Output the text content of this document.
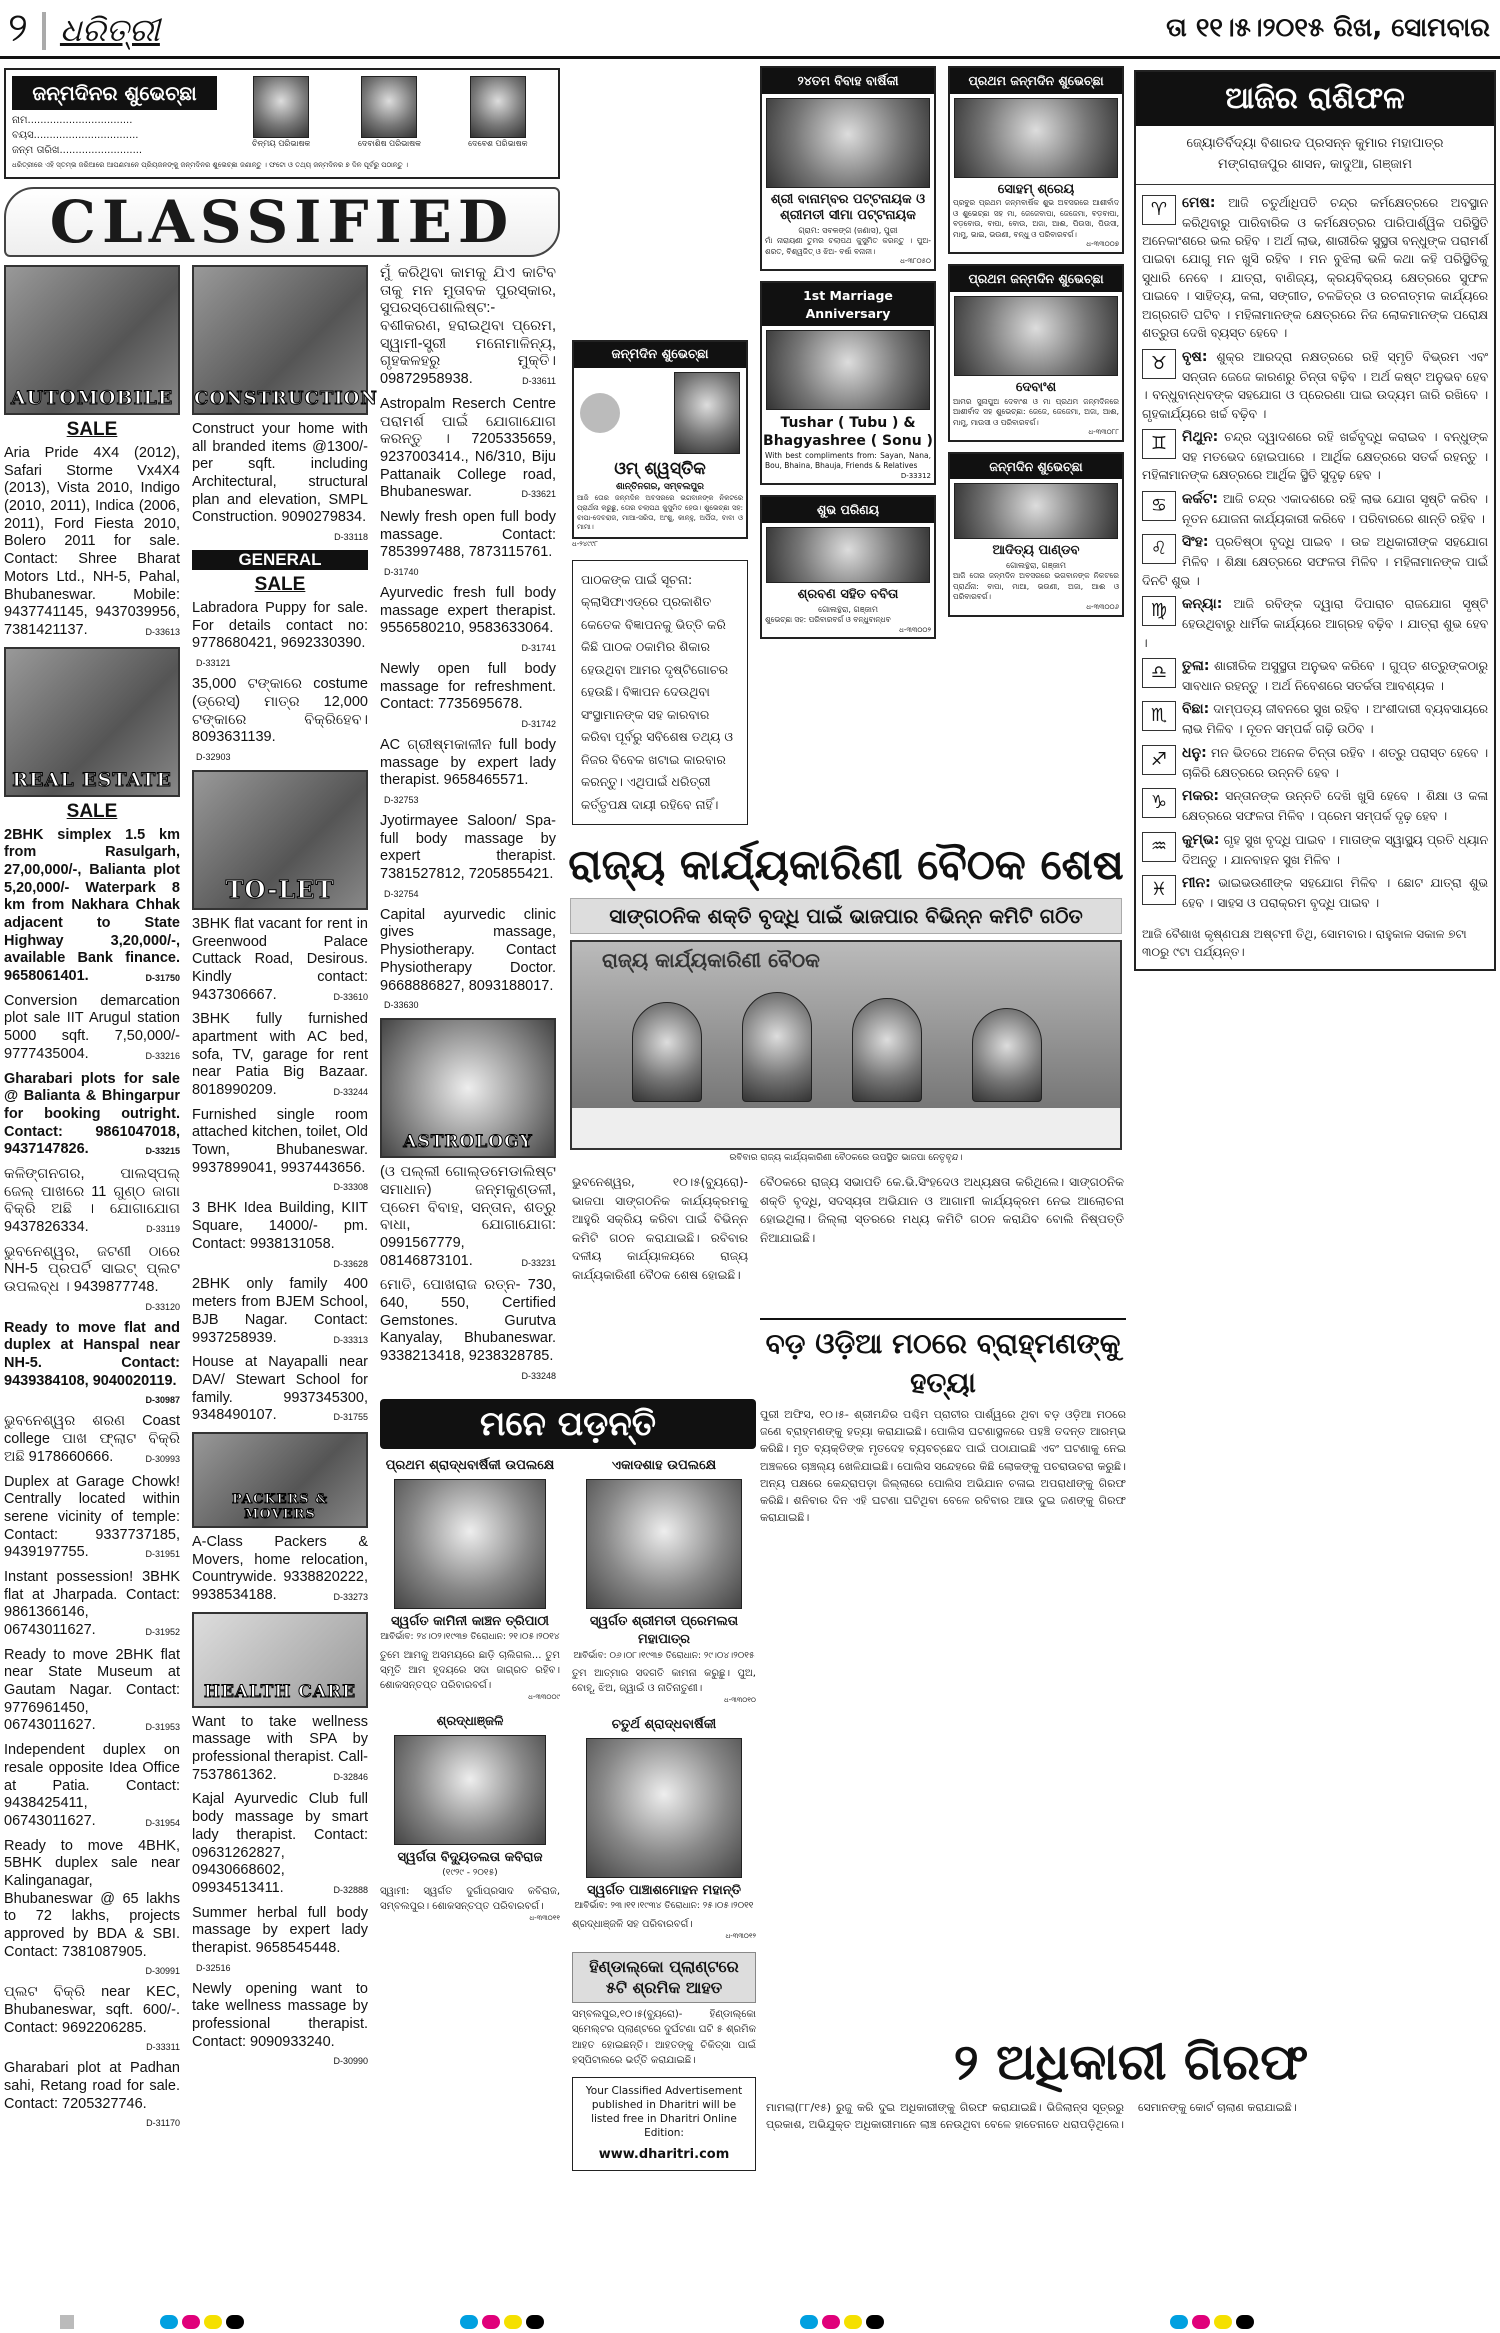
୨ ଧରିତ୍ରୀ	ତା ୧୧।୫।୨୦୧୫ ରିଖ, ସୋମବାର
ଜନ୍ମଦିନର ଶୁଭେଚ୍ଛା
ନାମ.................................
ବୟସ.................................
ଜନ୍ମ ତାରିଖ..........................
ଚିନ୍ମୟ ପରିଭାଷକ	ଦେବାଶିଷ ପରିଭାଷକ	ଦେବେଶ ପରିଭାଷକ
ଧରିତ୍ରୀରେ ଏହି ସ୍ତମ୍ଭ ଜରିଆରେ ଆପଣମାନେ ପ୍ରିୟଜନଙ୍କୁ ଜନ୍ମଦିନର ଶୁଭେଚ୍ଛା ଜଣାନ୍ତୁ । ଫଟୋ ଓ ତଥ୍ୟ ଜନ୍ମଦିନର ୭ ଦିନ ପୂର୍ବରୁ ପଠାନ୍ତୁ ।
CLASSIFIED
AUTOMOBILE
SALE
Aria Pride 4X4 (2012), Safari Storme Vx4X4 (2013), Vista 2010, Indigo (2010, 2011), Indica (2006, 2011), Ford Fiesta 2010, Bolero 2011 for sale. Contact: Shree Bharat Motors Ltd., NH-5, Pahal, Bhubaneswar. Mobile: 9437741145, 9437039956, 7381421137.	D-33613
REAL ESTATE
SALE
2BHK simplex 1.5 km from Rasulgarh, 27,00,000/-, Balianta plot 5,20,000/- Waterpark 8 km from Nakhara Chhak adjacent to State Highway 3,20,000/-, available Bank finance. 9658061401.	D-31750
Conversion demarcation plot sale IIT Arugul station 5000 sqft. 7,50,000/- 9777435004.	D-33216
Gharabari plots for sale @ Balianta & Bhingarpur for booking outright. Contact: 9861047018, 9437147826.	D-33215
କଳିଙ୍ଗନଗର, ପାଲସ୍ପଲ୍ ଜେଲ୍ ପାଖରେ 11 ଗୁଣ୍ଠ ଜାଗା ବିକ୍ରି ଅଛି । ଯୋଗାଯୋଗ 9437826334.	D-33119
ଭୁବନେଶ୍ୱର, ଜଟଣୀ ଠାରେ NH-5 ପ୍ରପର୍ଟି ସାଇଟ୍ ପ୍ଲଟ ଉପଲବ୍ଧ । 9439877748.
D-33120
Ready to move flat and duplex at Hanspal near NH-5. Contact: 9439384108, 9040020119.
D-30987
ଭୁବନେଶ୍ୱର ଶରଣ Coast college ପାଖ ଫ୍ଲାଟ ବିକ୍ରି ଅଛି 9178660666.	D-30993
Duplex at Garage Chowk! Centrally located within serene vicinity of temple: Contact: 9337737185, 9439197755.	D-31951
Instant possession! 3BHK flat at Jharpada. Contact: 9861366146, 06743011627.	D-31952
Ready to move 2BHK flat near State Museum at Gautam Nagar. Contact: 9776961450, 06743011627.	D-31953
Independent duplex on resale opposite Idea Office at Patia. Contact: 9438425411, 06743011627.	D-31954
Ready to move 4BHK, 5BHK duplex sale near Kalinganagar, Bhubaneswar @ 65 lakhs to 72 lakhs, projects approved by BDA & SBI. Contact: 7381087905.
D-30991
ପ୍ଲଟ ବିକ୍ରି near KEC, Bhubaneswar, sqft. 600/-. Contact: 9692206285.
D-33311
Gharabari plot at Padhan sahi, Retang road for sale. Contact: 7205327746.
D-31170
CONSTRUCTION
Construct your home with all branded items @1300/- per sqft. including Architectural, structural plan and elevation, SMPL Construction. 9090279834.
D-33118
GENERAL
SALE
Labradora Puppy for sale. For details contact no: 9778680421, 9692330390.
D-33121
35,000 ଟଙ୍କାରେ costume (ଡ୍ରେସ୍) ମାତ୍ର 12,000 ଟଙ୍କାରେ ବିକ୍ରିହେବ। 8093631139.
D-32903
TO-LET
3BHK flat vacant for rent in Greenwood Palace Cuttack Road, Desirous. Kindly contact: 9437306667.	D-33610
3BHK fully furnished apartment with AC bed, sofa, TV, garage for rent near Patia Big Bazaar. 8018990209.	D-33244
Furnished single room attached kitchen, toilet, Old Town, Bhubaneswar. 9937899041, 9937443656.
D-33308
3 BHK Idea Building, KIIT Square, 14000/- pm. Contact: 9938131058.
D-33628
2BHK only family 400 meters from BJEM School, BJB Nagar. Contact: 9937258939.	D-33313
House at Nayapalli near DAV/ Stewart School for family. 9937345300, 9348490107.	D-31755
PACKERS & MOVERS
A-Class Packers & Movers, home relocation, Countrywide. 9338820222, 9938534188.	D-33273
HEALTH CARE
Want to take wellness massage with SPA by professional therapist. Call-7537861362.	D-32846
Kajal Ayurvedic Club full body massage by smart lady therapist. Contact: 09631262827, 09430668602, 09934513411.	D-32888
Summer herbal full body massage by expert lady therapist. 9658545448.
D-32516
Newly opening want to take wellness massage by professional therapist. Contact: 9090933240.
D-30990
ମୁଁ କରିଥିବା କାମକୁ ଯିଏ କାଟିବ ତାକୁ ମନ ମୁତାବକ ପୁରସ୍କାର, ସୁପରସ୍ପେଶାଲିଷ୍ଟ:- ବଶୀକରଣ, ହରାଇଥିବା ପ୍ରେମ, ସ୍ୱାମୀ-ସ୍ତ୍ରୀ ମନୋମାଳିନ୍ୟ, ଗୃହକଳହରୁ ମୁକ୍ତି। 09872958938.	D-33611
Astropalm Reserch Centre ପରାମର୍ଶ ପାଇଁ ଯୋଗାଯୋଗ କରନ୍ତୁ । 7205335659, 9237003414., N6/310, Biju Pattanaik College road, Bhubaneswar.	D-33621
Newly fresh open full body massage. Contact: 7853997488, 7873115761.
D-31740
Ayurvedic fresh full body massage expert therapist. 9556580210, 9583633064.
D-31741
Newly open full body massage for refreshment. Contact: 7735695678.
D-31742
AC ଗ୍ରୀଷ୍ମକାଳୀନ full body massage by expert lady therapist. 9658465571.
D-32753
Jyotirmayee Saloon/ Spa- full body massage by expert therapist. 7381527812, 7205855421.
D-32754
Capital ayurvedic clinic gives massage, Physiotherapy. Contact Physiotherapy Doctor. 9668886827, 8093188017.
D-33630
ASTROLOGY
(ଓ ପଲ୍ଲୀ ଗୋଲ୍ଡମେଡାଲିଷ୍ଟ ସମାଧାନ) ଜନ୍ମକୁଣ୍ଡଳୀ, ପ୍ରେମ ବିବାହ, ସନ୍ତାନ, ଶତ୍ରୁ ବାଧା, ଯୋଗାଯୋଗ: 0991567779, 08146873101.	D-33231
ମୋତି, ପୋଖରାଜ ରତ୍ନ- 730, 640, 550, Certified Gemstones. Gurutva Kanyalay, Bhubaneswar. 9338213418, 9238328785.
D-33248
ଜନ୍ମଦିନ ଶୁଭେଚ୍ଛା
ଓମ୍ ଶ୍ୱସ୍ତିକ
ଶାନ୍ତିନଗର, ସମ୍ବଲପୁର
ଆଜି ତୋର ଜନ୍ମଦିନ ଅବସରରେ ଭଗବାନଙ୍କ ନିକଟରେ ପ୍ରାର୍ଥନା କରୁଛୁ, ତୋର ଚଲାପଥ କୁସୁମିତ ହେଉ। ଶୁଭେଚ୍ଛା ସହ: ବାପା-ଦେବରାଜ, ମାଆ-ସରିତା, ଅଂଶୁ, କାନ୍ହୁ, ଅର୍ପିତା, ବାବା ଓ ମାମା।
ଧ-୨୪୯୯୮
ପାଠକଙ୍କ ପାଇଁ ସୂଚନା: କ୍ଲାସିଫାଏଡ୍‌ରେ ପ୍ରକାଶିତ କେତେକ ବିଜ୍ଞାପନକୁ ଭିତ୍ତି କରି କିଛି ପାଠକ ଠକାମିର ଶିକାର ହେଉଥିବା ଆମର ଦୃଷ୍ଟିଗୋଚର ହେଉଛି। ବିଜ୍ଞାପନ ଦେଉଥିବା ସଂସ୍ଥାମାନଙ୍କ ସହ କାରବାର କରିବା ପୂର୍ବରୁ ସବିଶେଷ ତଥ୍ୟ ଓ ନିଜର ବିବେକ ଖଟାଇ କାରବାର କରନ୍ତୁ। ଏଥିପାଇଁ ଧରିତ୍ରୀ କର୍ତ୍ତୃପକ୍ଷ ଦାୟୀ ରହିବେ ନାହିଁ।
୨୪ତମ ବିବାହ ବାର୍ଷିକୀ
ଶ୍ରୀ ବାନାମ୍ବର ପଟ୍ଟନାୟକ ଓ ଶ୍ରୀମତୀ ସୀମା ପଟ୍ଟନାୟକ
ଗ୍ରାମ: ସବଳଙ୍ଗ (ଜଣାସ), ପୁରୀ
ମାଁ ନାରାୟଣୀ ତୁମର ଚଲାପଥ କୁସୁମିତ କରନ୍ତୁ । ପୁଅ- ଶରତ, ବିଶ୍ୱଜିତ୍ ଓ ଝିଅ- ବର୍ଷା ବନାନୀ।
ଧ-୩୮୦୫୦
1st Marriage Anniversary
Tushar ( Tubu ) & Bhagyashree ( Sonu )
With best compliments from: Sayan, Nana, Bou, Bhaina, Bhauja, Friends & Relatives
D-33312
ଶୁଭ ପରିଣୟ
ଶ୍ରବଣ ସହିତ ବବିତା
ଗୋଲନ୍ଥରା, ଗଞ୍ଜାମ
ଶୁଭେଚ୍ଛା ସହ: ପରିବାରବର୍ଗ ଓ ବନ୍ଧୁବାନ୍ଧବ
ଧ-୩୩୦୦୨
ପ୍ରଥମ ଜନ୍ମଦିନ ଶୁଭେଚ୍ଛା
ସୋହମ୍ ଶ୍ରେୟ
ପ୍ରବୁର ପ୍ରଥମ ଜନ୍ମବାର୍ଷିକ ଶୁଭ ଅବସରରେ ଆଶୀର୍ବାଦ ଓ ଶୁଭେଚ୍ଛା ସହ ମା, ଜେଜେବାପା, ଜେଜେମା, ବଡ଼ବାପା, ବଡ଼ବୋଉ, ବାପା, ବୋଉ, ଅଜା, ଆଈ, ପିଉସା, ପିଉସୀ, ମାମୁ, ଭାଇ, ଭଉଣୀ, ବନ୍ଧୁ ଓ ପରିବାରବର୍ଗ।
ଧ-୩୩୦୦୭
ପ୍ରଥମ ଜନ୍ମଦିନ ଶୁଭେଚ୍ଛା
ଦେବାଂଶ
ଆମର ସୁନାପୁଅ ଦେବାଂଶ ଓ ମା ପ୍ରଥମ ଜନ୍ମଦିନରେ ଆଶୀର୍ବାଦ ସହ ଶୁଭେଚ୍ଛା: ଜେଜେ, ଜେଜେମା, ଅଜା, ଆଈ, ମାମୁ, ମାଉସୀ ଓ ପରିବାରବର୍ଗ।
ଧ-୩୩୦୮୮
ଜନ୍ମଦିନ ଶୁଭେଚ୍ଛା
ଆଦିତ୍ୟ ପାଣ୍ଡବ
ଗୋଲନ୍ଥରା, ଗଞ୍ଜାମ
ଆଜି ତୋର ଜନ୍ମଦିନ ଅବସରରେ ଭଗବାନଙ୍କ ନିକଟରେ ପ୍ରାର୍ଥନା: ବାପା, ମାଆ, ଭଉଣୀ, ଅଜା, ଆଈ ଓ ପରିବାରବର୍ଗ।
ଧ-୩୩୦୦୬
ରାଜ୍ୟ କାର୍ଯ୍ୟକାରିଣୀ ବୈଠକ ଶେଷ
ସାଙ୍ଗଠନିକ ଶକ୍ତି ବୃଦ୍ଧି ପାଇଁ ଭାଜପାର ବିଭିନ୍ନ କମିଟି ଗଠିତ
ରାଜ୍ୟ କାର୍ଯ୍ୟକାରିଣୀ ବୈଠକ
ରବିବାର ରାଜ୍ୟ କାର୍ଯ୍ୟକାରିଣୀ ବୈଠକରେ ଉପସ୍ଥିତ ଭାଜପା ନେତୃବୃନ୍ଦ।
ଭୁବନେଶ୍ୱର, ୧୦।୫(ବ୍ୟୁରୋ)- ଭାଜପା ସାଙ୍ଗଠନିକ କାର୍ଯ୍ୟକ୍ରମକୁ ଆହୁରି ସକ୍ରିୟ କରିବା ପାଇଁ ବିଭିନ୍ନ କମିଟି ଗଠନ କରାଯାଇଛି। ରବିବାର ଦଳୀୟ କାର୍ଯ୍ୟାଳୟରେ ରାଜ୍ୟ କାର୍ଯ୍ୟକାରିଣୀ ବୈଠକ ଶେଷ ହୋଇଛି।
ବୈଠକରେ ରାଜ୍ୟ ସଭାପତି କେ.ଭି.ସିଂହଦେଓ ଅଧ୍ୟକ୍ଷତା କରିଥିଲେ। ସାଙ୍ଗଠନିକ ଶକ୍ତି ବୃଦ୍ଧି, ସଦସ୍ୟତା ଅଭିଯାନ ଓ ଆଗାମୀ କାର୍ଯ୍ୟକ୍ରମ ନେଇ ଆଲୋଚନା ହୋଇଥିଲା। ଜିଲ୍ଲା ସ୍ତରରେ ମଧ୍ୟ କମିଟି ଗଠନ କରାଯିବ ବୋଲି ନିଷ୍ପତ୍ତି ନିଆଯାଇଛି।
ମନେ ପଡ଼ନ୍ତି
ପ୍ରଥମ ଶ୍ରାଦ୍ଧବାର୍ଷିକୀ ଉପଲକ୍ଷେ
ସ୍ୱର୍ଗତ କାମିନୀ କାଞ୍ଚନ ତ୍ରିପାଠୀ
ଆବିର୍ଭାବ: ୨୪।୦୨।୧୯୩୭ ତିରୋଧାନ: ୨୧।୦୫।୨୦୧୪
ତୁମେ ଆମକୁ ଅସମୟରେ ଛାଡ଼ି ଚାଲିଗଲ... ତୁମ ସ୍ମୃତି ଆମ ହୃଦୟରେ ସଦା ଜାଗ୍ରତ ରହିବ। ଶୋକସନ୍ତପ୍ତ ପରିବାରବର୍ଗ।
ଧ-୩୩୦୦୯
ଶ୍ରଦ୍ଧାଞ୍ଜଳି
ସ୍ୱର୍ଗତା ବିଦ୍ୟୁତଲତା କବିରାଜ
(୧୯୨୯ - ୨୦୧୫)
ସ୍ୱାମୀ: ସ୍ୱର୍ଗତ ଦୁର୍ଗାପ୍ରସାଦ କବିରାଜ, ସମ୍ବଲପୁର। ଶୋକସନ୍ତପ୍ତ ପରିବାରବର୍ଗ।
ଧ-୩୩୦୧୧
ଏକାଦଶାହ ଉପଲକ୍ଷେ
ସ୍ୱର୍ଗତ ଶ୍ରୀମତୀ ପ୍ରେମଲତା ମହାପାତ୍ର
ଆବିର୍ଭାବ: ୦୬।୦୮।୧୯୩୭ ତିରୋଧାନ: ୨୯।୦୪।୨୦୧୫
ତୁମ ଆତ୍ମାର ସଦଗତି କାମନା କରୁଛୁ। ପୁଅ, ବୋହୂ, ଝିଅ, ଜ୍ୱାଇଁ ଓ ନାତିନାତୁଣୀ।
ଧ-୩୩୦୧୦
ଚତୁର୍ଥ ଶ୍ରାଦ୍ଧବାର୍ଷିକୀ
ସ୍ୱର୍ଗତ ପାଞ୍ଚାଶମୋହନ ମହାନ୍ତି
ଆବିର୍ଭାବ: ୨୩।୧୧।୧୯୩୪ ତିରୋଧାନ: ୨୫।୦୫।୨୦୧୧
ଶ୍ରଦ୍ଧାଞ୍ଜଳି ସହ ପରିବାରବର୍ଗ।
ଧ-୩୩୦୧୨
ହିଣ୍ଡାଲ୍‌କୋ ପ୍ଲାଣ୍ଟରେ ୫ଟି ଶ୍ରମିକ ଆହତ
ସମ୍ବଲପୁର,୧୦।୫(ବ୍ୟୁରୋ)- ହିଣ୍ଡାଲ୍‌କୋ ସ୍ମେଲ୍ଟର ପ୍ଲାଣ୍ଟରେ ଦୁର୍ଘଟଣା ଘଟି ୫ ଶ୍ରମିକ ଆହତ ହୋଇଛନ୍ତି। ଆହତଙ୍କୁ ଚିକିତ୍ସା ପାଇଁ ହସ୍ପିଟାଲରେ ଭର୍ତ୍ତି କରାଯାଇଛି।
Your Classified Advertisement published in Dharitri will be listed free in Dharitri Online Edition:
www.dharitri.com
ବଡ଼ ଓଡ଼ିଆ ମଠରେ ବ୍ରାହ୍ମଣଙ୍କୁ ହତ୍ୟା
ପୁରୀ ଅଫିସ, ୧୦।୫- ଶ୍ରୀମନ୍ଦିର ପଶ୍ଚିମ ପ୍ରାଚୀର ପାର୍ଶ୍ୱରେ ଥିବା ବଡ଼ ଓଡ଼ିଆ ମଠରେ ଜଣେ ବ୍ରାହ୍ମଣଙ୍କୁ ହତ୍ୟା କରାଯାଇଛି। ପୋଲିସ ଘଟଣାସ୍ଥଳରେ ପହଞ୍ଚି ତଦନ୍ତ ଆରମ୍ଭ କରିଛି। ମୃତ ବ୍ୟକ୍ତିଙ୍କ ମୃତଦେହ ବ୍ୟବଚ୍ଛେଦ ପାଇଁ ପଠାଯାଇଛି ଏବଂ ଘଟଣାକୁ ନେଇ ଅଞ୍ଚଳରେ ଚାଞ୍ଚଲ୍ୟ ଖେଳିଯାଇଛି। ପୋଲିସ ସନ୍ଦେହରେ କିଛି ଲୋକଙ୍କୁ ପଚରାଉଚରା କରୁଛି। ଅନ୍ୟ ପକ୍ଷରେ କେନ୍ଦ୍ରାପଡ଼ା ଜିଲ୍ଲାରେ ପୋଲିସ ଅଭିଯାନ ଚଳାଇ ଅପରାଧୀଙ୍କୁ ଗିରଫ କରିଛି। ଶନିବାର ଦିନ ଏହି ଘଟଣା ଘଟିଥିବା ବେଳେ ରବିବାର ଆଉ ଦୁଇ ଜଣଙ୍କୁ ଗିରଫ କରାଯାଇଛି।
୨ ଅଧିକାରୀ ଗିରଫ
ମାମଲା(୮୮/୧୫) ରୁଜୁ କରି ଦୁଇ ଅଧିକାରୀଙ୍କୁ ଗିରଫ କରାଯାଇଛି। ଭିଜିଲାନ୍ସ ସୂତ୍ରରୁ ପ୍ରକାଶ, ଅଭିଯୁକ୍ତ ଅଧିକାରୀମାନେ ଲାଞ୍ଚ ନେଉଥିବା ବେଳେ ହାତେନାତେ ଧରାପଡ଼ିଥିଲେ। ସେମାନଙ୍କୁ କୋର୍ଟ ଚାଲାଣ କରାଯାଇଛି।
ଆଜିର ରାଶିଫଳ
ଜ୍ୟୋତିର୍ବିଦ୍ୟା ବିଶାରଦ ପ୍ରସନ୍ନ କୁମାର ମହାପାତ୍ର
ମଙ୍ଗରାଜପୁର ଶାସନ, କାଦୁଆ, ଗଞ୍ଜାମ

♈	ମେଷ: ଆଜି ଚତୁର୍ଥାଧିପତି ଚନ୍ଦ୍ର କର୍ମକ୍ଷେତ୍ରରେ ଅବସ୍ଥାନ କରିଥିବାରୁ ପାରିବାରିକ ଓ କର୍ମକ୍ଷେତ୍ରର ପାରିପାର୍ଶ୍ୱିକ ପରିସ୍ଥିତି ଅନେକାଂଶରେ ଭଲ ରହିବ । ଅର୍ଥ ଲାଭ, ଶାରୀରିକ ସୁସ୍ଥତା ବନ୍ଧୁଙ୍କ ପରାମର୍ଶ ପାଇବା ଯୋଗୁ ମନ ଖୁସି ରହିବ । ମନ ବୁଝିଲା ଭଳି କଥା କହି ପରିସ୍ଥିତିକୁ ସୁଧାରି ନେବେ । ଯାତ୍ରା, ବାଣିଜ୍ୟ, କ୍ରୟବିକ୍ରୟ କ୍ଷେତ୍ରରେ ସୁଫଳ ପାଇବେ । ସାହିତ୍ୟ, କଳା, ସଙ୍ଗୀତ, ଚଳଚ୍ଚିତ୍ର ଓ ରଚନାତ୍ମକ କାର୍ଯ୍ୟରେ ଅଗ୍ରଗତି ଘଟିବ । ମହିଳାମାନଙ୍କ କ୍ଷେତ୍ରରେ ନିଜ ଲୋକମାନଙ୍କ ପରୋକ୍ଷ ଶତ୍ରୁତା ଦେଖି ବ୍ୟସ୍ତ ହେବେ ।

♉	ବୃଷ: ଶୁକ୍ର ଆରଦ୍ରା ନକ୍ଷତ୍ରରେ ରହି ସ୍ମୃତି ବିଭ୍ରମ ଏବଂ ସନ୍ତାନ ଜେଜେ କାରଣରୁ ଚିନ୍ତା ବଢ଼ିବ । ଅର୍ଥ କଷ୍ଟ ଅନୁଭବ ହେବ । ବନ୍ଧୁବାନ୍ଧବଙ୍କ ସହଯୋଗ ଓ ପ୍ରେରଣା ପାଇ ଉଦ୍ୟମ ଜାରି ରଖିବେ । ଗୃହକାର୍ଯ୍ୟରେ ଖର୍ଚ୍ଚ ବଢ଼ିବ ।

♊	ମିଥୁନ: ଚନ୍ଦ୍ର ଦ୍ୱାଦଶରେ ରହି ଖର୍ଚ୍ଚବୃଦ୍ଧି କରାଇବ । ବନ୍ଧୁଙ୍କ ସହ ମତଭେଦ ହୋଇପାରେ । ଆର୍ଥିକ କ୍ଷେତ୍ରରେ ସତର୍କ ରହନ୍ତୁ । ମହିଳାମାନଙ୍କ କ୍ଷେତ୍ରରେ ଆର୍ଥିକ ସ୍ଥିତି ସୁଦୃଢ଼ ହେବ ।

♋	କର୍କଟ: ଆଜି ଚନ୍ଦ୍ର ଏକାଦଶରେ ରହି ଲାଭ ଯୋଗ ସୃଷ୍ଟି କରିବ । ନୂତନ ଯୋଜନା କାର୍ଯ୍ୟକାରୀ କରିବେ । ପରିବାରରେ ଶାନ୍ତି ରହିବ ।

♌	ସିଂହ: ପ୍ରତିଷ୍ଠା ବୃଦ୍ଧି ପାଇବ । ଉଚ୍ଚ ଅଧିକାରୀଙ୍କ ସହଯୋଗ ମିଳିବ । ଶିକ୍ଷା କ୍ଷେତ୍ରରେ ସଫଳତା ମିଳିବ । ମହିଳାମାନଙ୍କ ପାଇଁ ଦିନଟି ଶୁଭ ।

♍	କନ୍ୟା: ଆଜି ରବିଙ୍କ ଦ୍ୱାରା ଦିପାରାଚ ରାଜଯୋଗ ସୃଷ୍ଟି ହେଉଥିବାରୁ ଧାର୍ମିକ କାର୍ଯ୍ୟରେ ଆଗ୍ରହ ବଢ଼ିବ । ଯାତ୍ରା ଶୁଭ ହେବ ।

♎	ତୁଳା: ଶାରୀରିକ ଅସୁସ୍ଥତା ଅନୁଭବ କରିବେ । ଗୁପ୍ତ ଶତ୍ରୁଙ୍କଠାରୁ ସାବଧାନ ରହନ୍ତୁ । ଅର୍ଥ ନିବେଶରେ ସତର୍କତା ଆବଶ୍ୟକ ।

♏	ବିଛା: ଦାମ୍ପତ୍ୟ ଜୀବନରେ ସୁଖ ରହିବ । ଅଂଶୀଦାରୀ ବ୍ୟବସାୟରେ ଲାଭ ମିଳିବ । ନୂତନ ସମ୍ପର୍କ ଗଢ଼ି ଉଠିବ ।

♐	ଧନୁ: ମନ ଭିତରେ ଅନେକ ଚିନ୍ତା ରହିବ । ଶତ୍ରୁ ପରାସ୍ତ ହେବେ । ଚାକିରି କ୍ଷେତ୍ରରେ ଉନ୍ନତି ହେବ ।

♑	ମକର: ସନ୍ତାନଙ୍କ ଉନ୍ନତି ଦେଖି ଖୁସି ହେବେ । ଶିକ୍ଷା ଓ କଳା କ୍ଷେତ୍ରରେ ସଫଳତା ମିଳିବ । ପ୍ରେମ ସମ୍ପର୍କ ଦୃଢ଼ ହେବ ।

♒	କୁମ୍ଭ: ଗୃହ ସୁଖ ବୃଦ୍ଧି ପାଇବ । ମାତାଙ୍କ ସ୍ୱାସ୍ଥ୍ୟ ପ୍ରତି ଧ୍ୟାନ ଦିଅନ୍ତୁ । ଯାନବାହନ ସୁଖ ମିଳିବ ।

♓	ମୀନ: ଭାଇଭଉଣୀଙ୍କ ସହଯୋଗ ମିଳିବ । ଛୋଟ ଯାତ୍ରା ଶୁଭ ହେବ । ସାହସ ଓ ପରାକ୍ରମ ବୃଦ୍ଧି ପାଇବ ।

ଆଜି ବୈଶାଖ କୃଷ୍ଣପକ୍ଷ ଅଷ୍ଟମୀ ତିଥି, ସୋମବାର। ରାହୁକାଳ ସକାଳ ୭ଟା ୩୦ରୁ ୯ଟା ପର୍ଯ୍ୟନ୍ତ।
